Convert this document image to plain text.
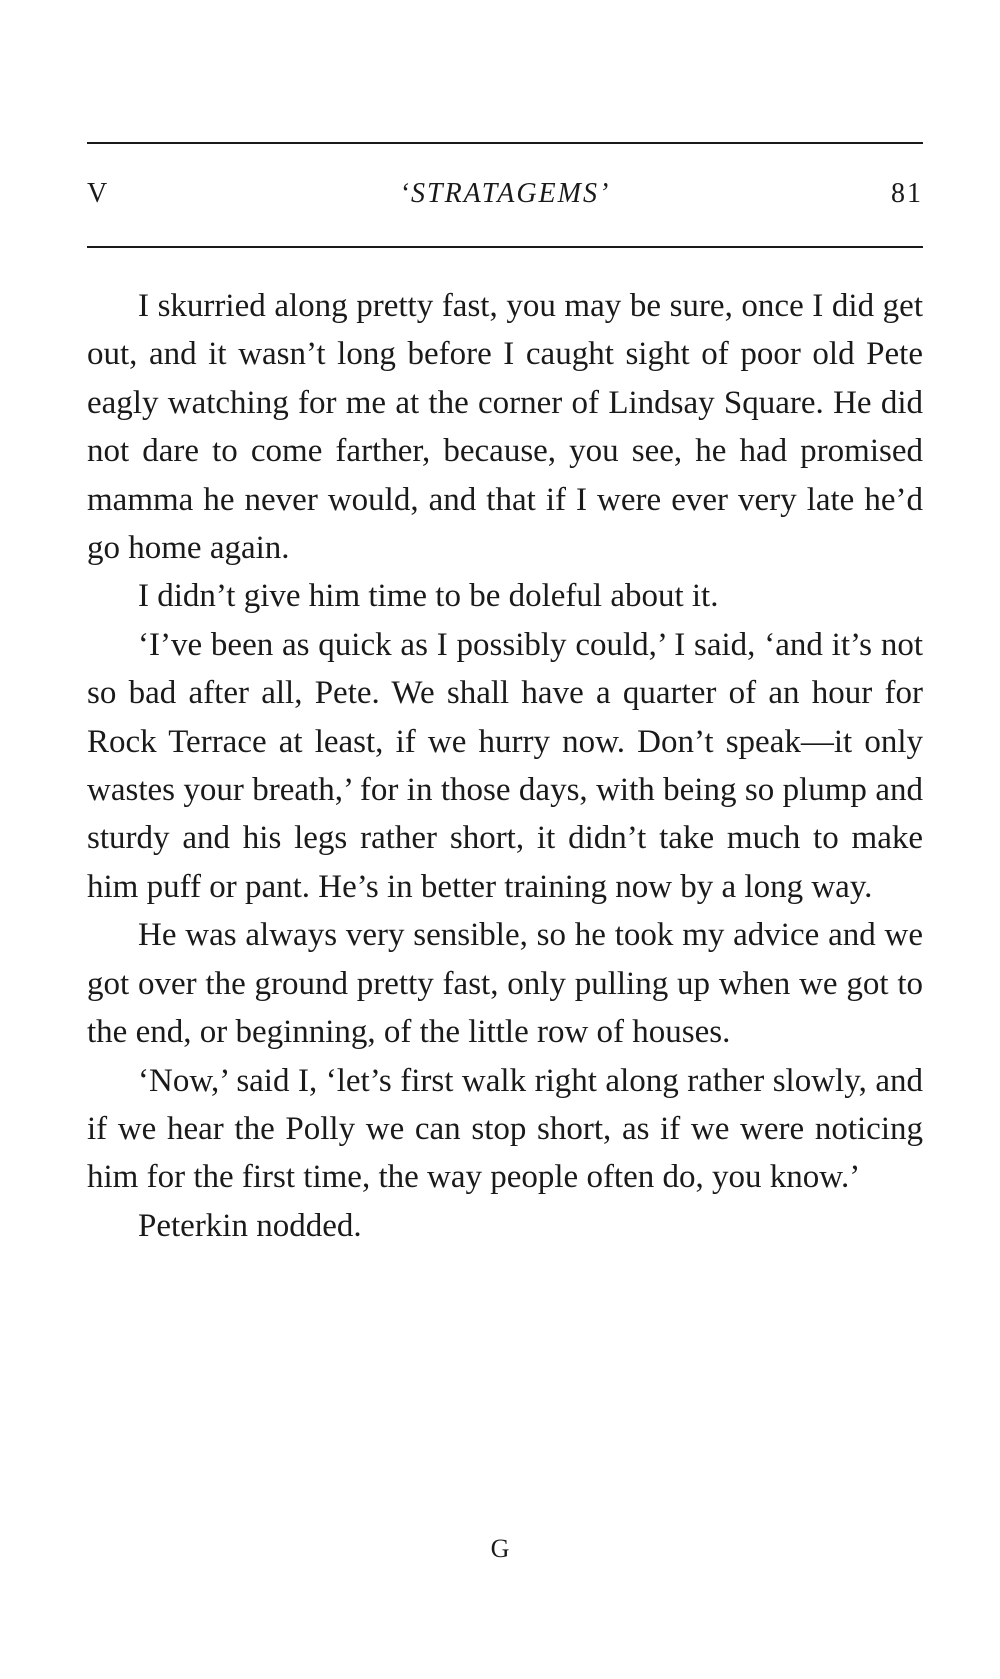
V	‘STRATAGEMS’	81

I skurried along pretty fast, you may be sure, once I did get out, and it wasn’t long before I caught sight of poor old Pete eagly watching for me at the corner of Lindsay Square. He did not dare to come farther, because, you see, he had promised mamma he never would, and that if I were ever very late he’d go home again.

I didn’t give him time to be doleful about it.

‘I’ve been as quick as I possibly could,’ I said, ‘and it’s not so bad after all, Pete. We shall have a quarter of an hour for Rock Terrace at least, if we hurry now. Don’t speak—it only wastes your breath,’ for in those days, with being so plump and sturdy and his legs rather short, it didn’t take much to make him puff or pant. He’s in better training now by a long way.

He was always very sensible, so he took my advice and we got over the ground pretty fast, only pulling up when we got to the end, or beginning, of the little row of houses.

‘Now,’ said I, ‘let’s first walk right along rather slowly, and if we hear the Polly we can stop short, as if we were noticing him for the first time, the way people often do, you know.’

Peterkin nodded.

G
